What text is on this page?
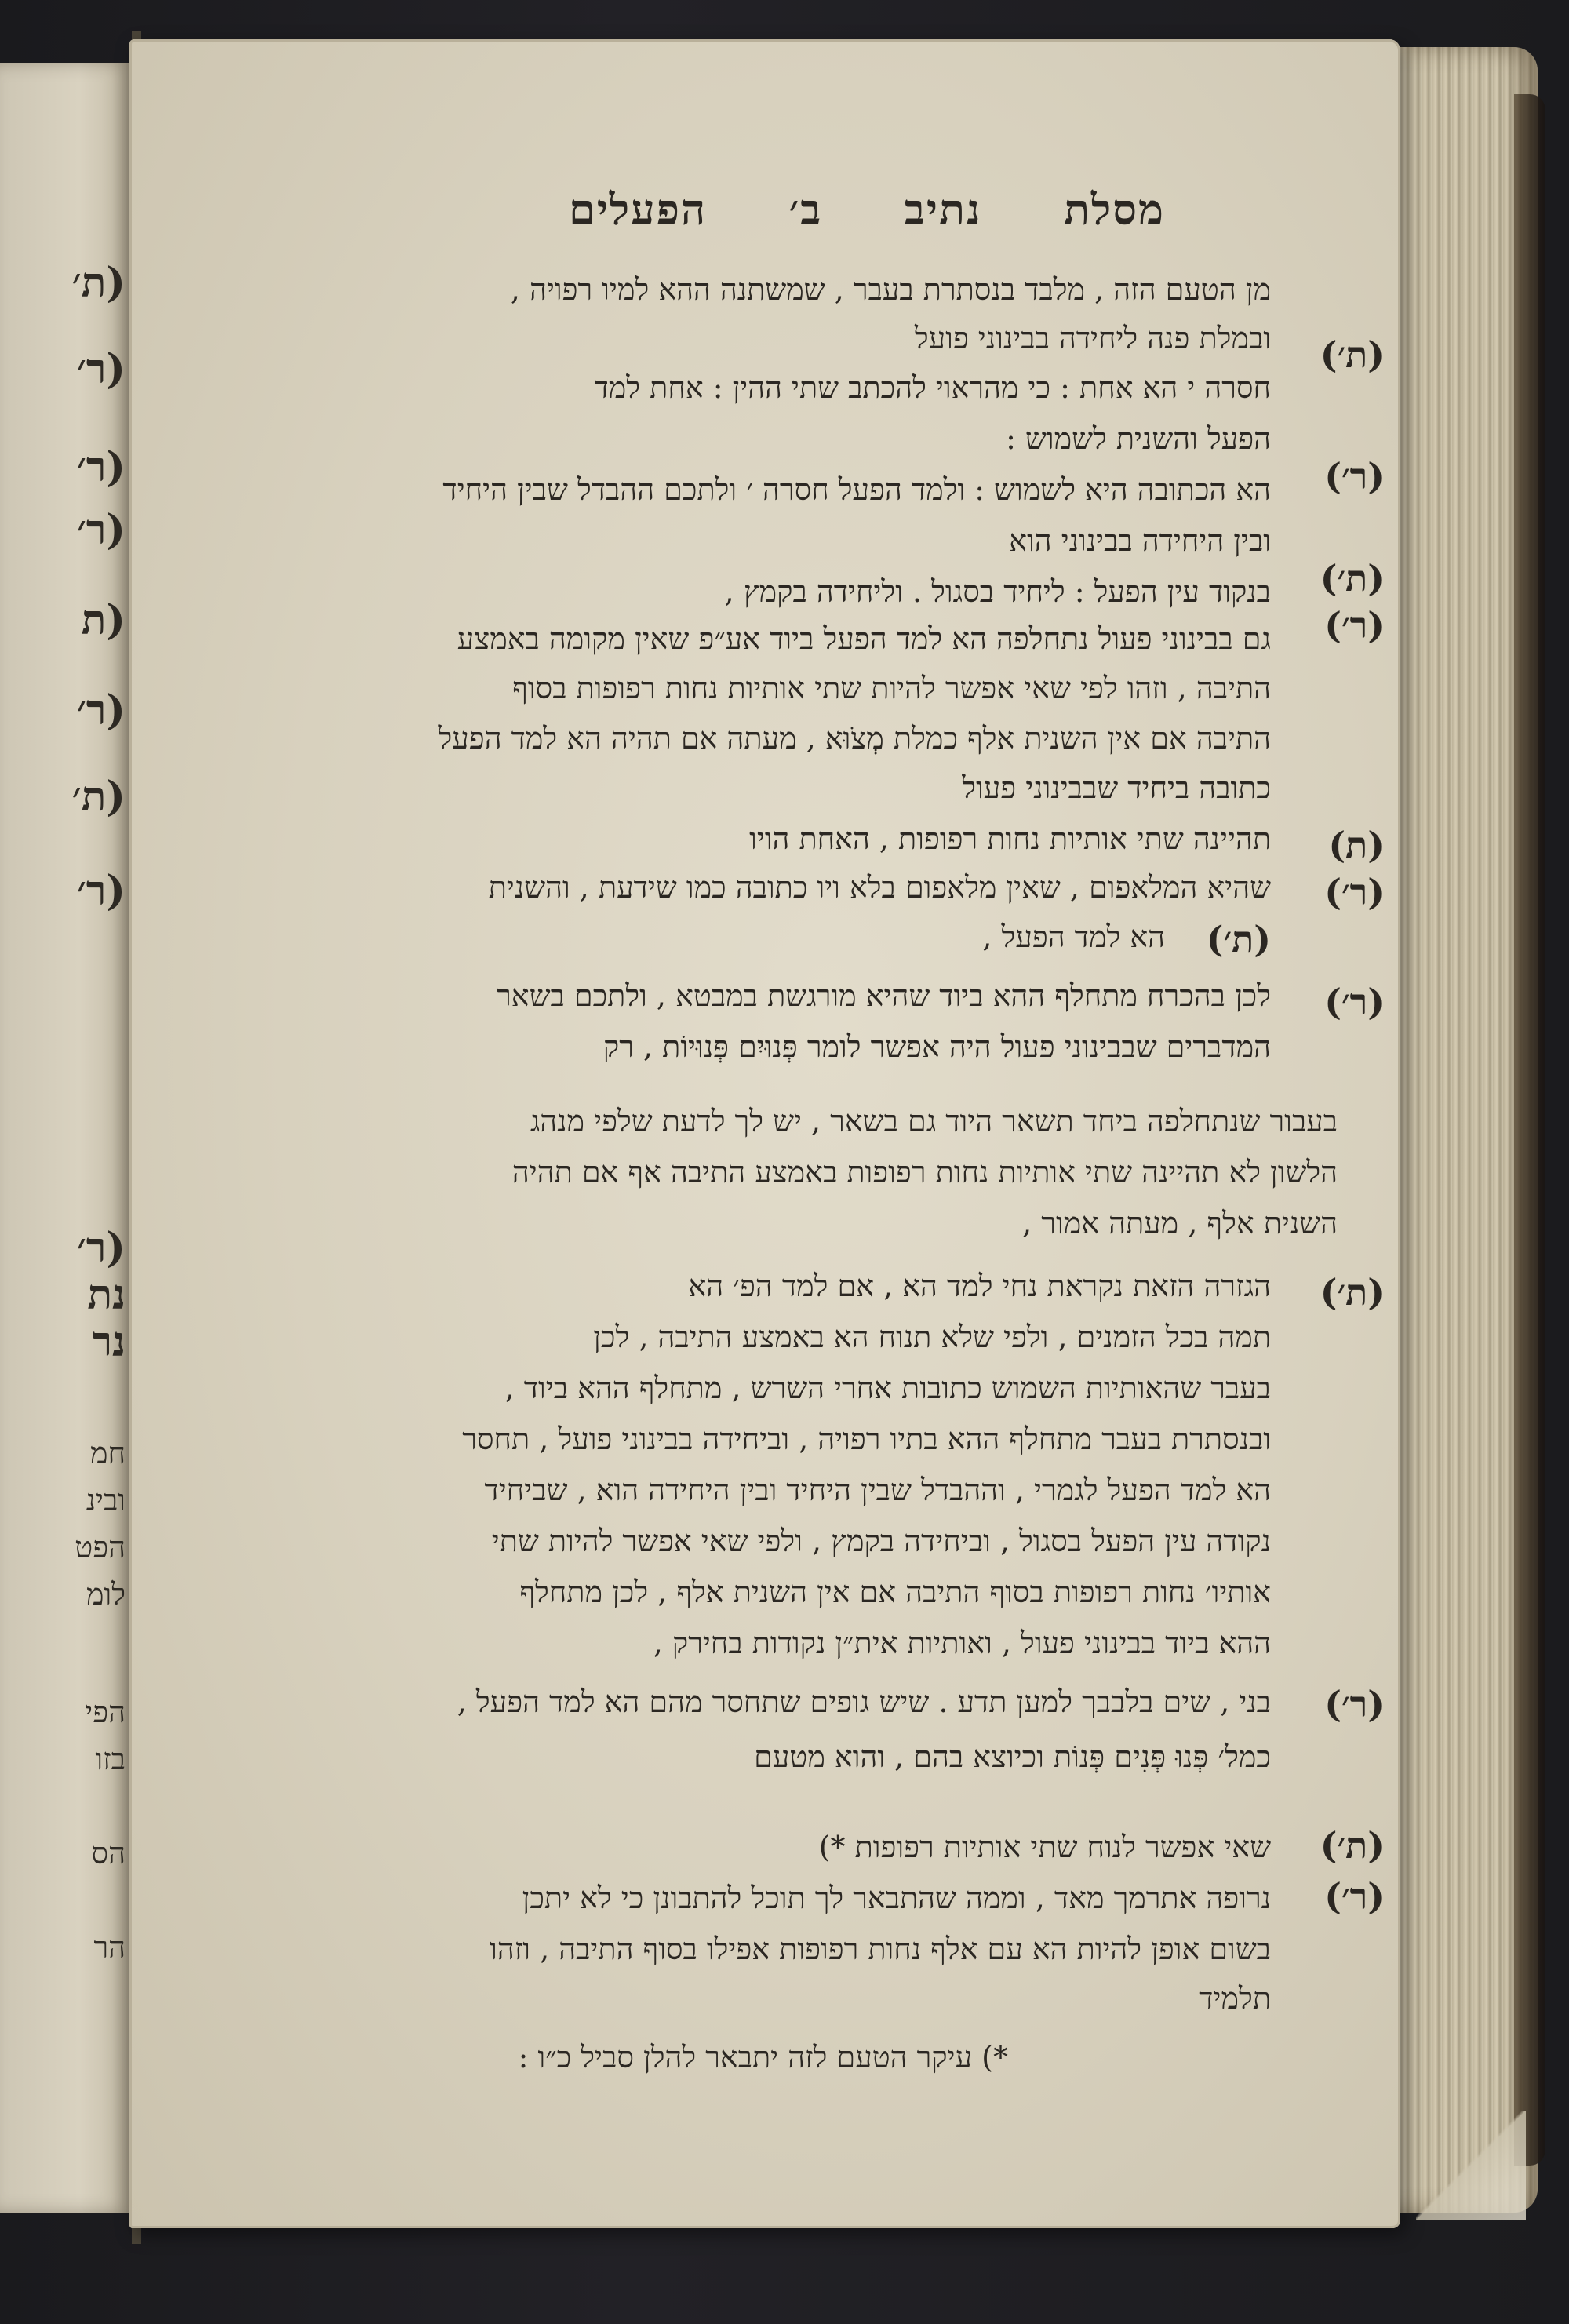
(ת׳
(ר׳
(ר׳
(ר׳
(ת
(ר׳
(ת׳
(ר׳
(ר׳
נת
נר
חמ
ובינ
הפט
לומ
הפי
בזו
הס
הר
מסלת
נתיב
ב׳
הפעלים
(ת׳)
(ר׳)
(ת׳)
(ר׳)
(ת)
(ר׳)
(ת׳)
(ר׳)
(ת׳)
(ר׳)
(ת׳)
(ר׳)
מן הטעם הזה , מלבד בנסתרת בעבר , שמשתנה ההא למיו רפויה ,
ובמלת פנה ליחידה בבינוני פועל
חסרה י הא אחת : כי מהראוי להכתב שתי ההין : אחת למד
הפעל והשנית לשמוש :
הא הכתובה היא לשמוש : ולמד הפעל חסרה ׳ ולתכם ההבדל שבין היחיד
ובין היחידה בבינוני הוא
בנקוד עין הפעל : ליחיד בסגול . וליחידה בקמץ ,
גם בבינוני פעול נתחלפה הא למד הפעל ביוד אע״פ שאין מקומה באמצע
התיבה , וזהו לפי שאי אפשר להיות שתי אותיות נחות רפופות בסוף
התיבה אם אין השנית אלף כמלת מְצֹוּא , מעתה אם תהיה הא למד הפעל
כתובה ביחיד שבבינוני פעול
תהיינה שתי אותיות נחות רפופות , האחת הויו
שהיא המלאפום , שאין מלאפום בלא ויו כתובה כמו שידעת , והשנית
הא למד הפעל ,
לכן בהכרח מתחלף ההא ביוד שהיא מורגשת במבטא , ולתכם בשאר
המדברים שבבינוני פעול היה אפשר לומר פְּנוּיִם פְּנוּיוֹת , רק
בעבור שנתחלפה ביחד תשאר היוד גם בשאר , יש לך לדעת שלפי מנהג
הלשון לא תהיינה שתי אותיות נחות רפופות באמצע התיבה אף אם תהיה
השנית אלף , מעתה אמור ,
הגזרה הזאת נקראת נחי למד הא , אם למד הפ׳ הא
תמה בכל הזמנים , ולפי שלא תנוח הא באמצע התיבה , לכן
בעבר שהאותיות השמוש כתובות אחרי השרש , מתחלף ההא ביוד ,
ובנסתרת בעבר מתחלף ההא בתיו רפויה , וביחידה בבינוני פועל , תחסר
הא למד הפעל לגמרי , וההבדל שבין היחיד ובין היחידה הוא , שביחיד
נקודה עין הפעל בסגול , וביחידה בקמץ , ולפי שאי אפשר להיות שתי
אותיו׳ נחות רפופות בסוף התיבה אם אין השנית אלף , לכן מתחלף
ההא ביוד בבינוני פעול , ואותיות אית״ן נקודות בחירק ,
בני , שים בלבבך למען תדע . שיש גופים שתחסר מהם הא למד הפעל ,
כמל׳ פְּנוּ פְּנִים פְּנוֹת וכיוצא בהם , והוא מטעם
שאי אפשר לנוח שתי אותיות רפופות *)
נרופה אתרמך מאד , וממה שהתבאר לך תוכל להתבונן כי לא יתכן
בשום אופן להיות הא עם אלף נחות רפופות אפילו בסוף התיבה , וזהו
תלמיד
*) עיקר הטעם לזה יתבאר להלן סביל כ״ו :
